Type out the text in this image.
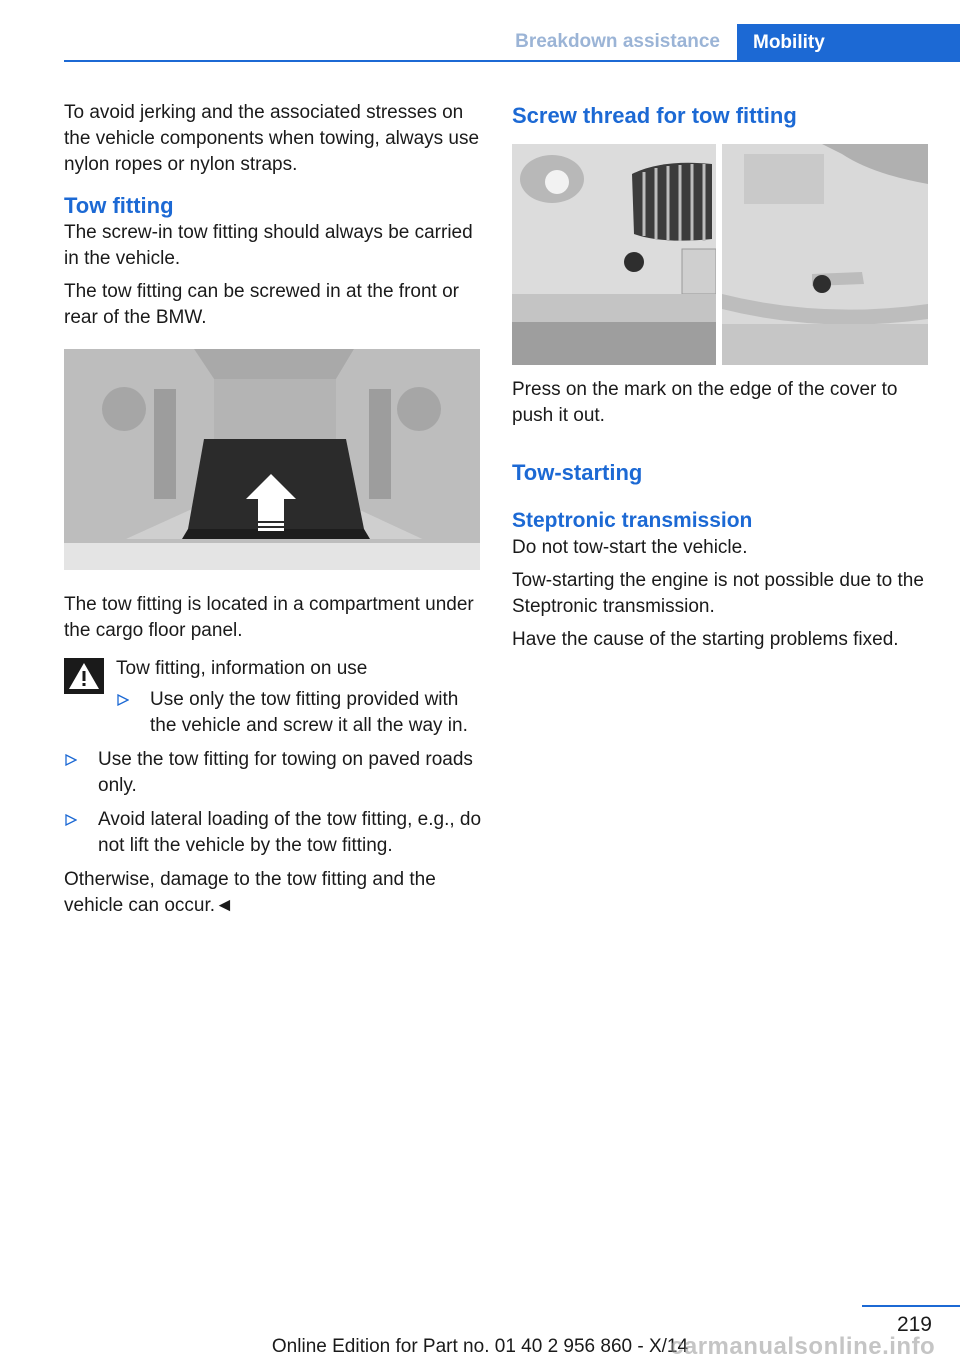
Breakdown assistance	Mobility

To avoid jerking and the associated stresses on the vehicle components when towing, always use nylon ropes or nylon straps.

Tow fitting

The screw-in tow fitting should always be carried in the vehicle.

The tow fitting can be screwed in at the front or rear of the BMW.

The tow fitting is located in a compartment under the cargo floor panel.

Tow fitting, information on use

Use only the tow fitting provided with the vehicle and screw it all the way in.
Use the tow fitting for towing on paved roads only.
Avoid lateral loading of the tow fitting, e.g., do not lift the vehicle by the tow fitting.

Otherwise, damage to the tow fitting and the vehicle can occur.◄

Screw thread for tow fitting

Press on the mark on the edge of the cover to push it out.

Tow-starting
Steptronic transmission

Do not tow-start the vehicle.

Tow-starting the engine is not possible due to the Steptronic transmission.

Have the cause of the starting problems fixed.

219
Online Edition for Part no. 01 40 2 956 860 - X/14
carmanualsonline.info
